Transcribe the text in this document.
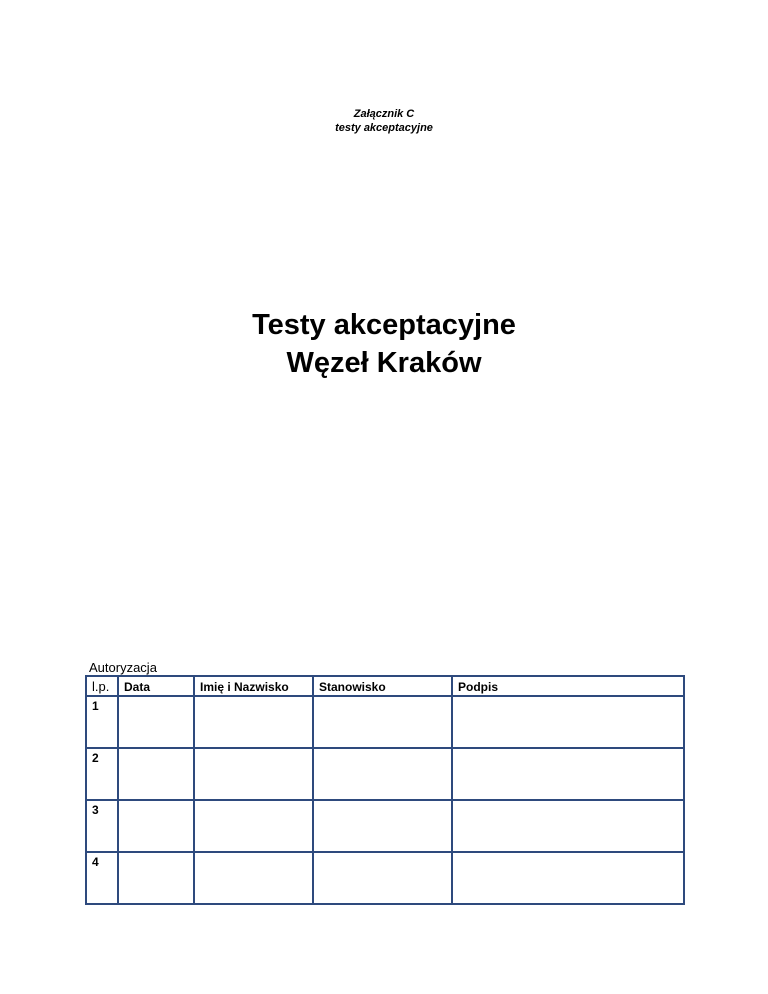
Załącznik C
testy akceptacyjne
Testy akceptacyjne
Węzeł Kraków
Autoryzacja
l.p.	Data	Imię i Nazwisko	Stanowisko	Podpis
1				
2				
3				
4				
